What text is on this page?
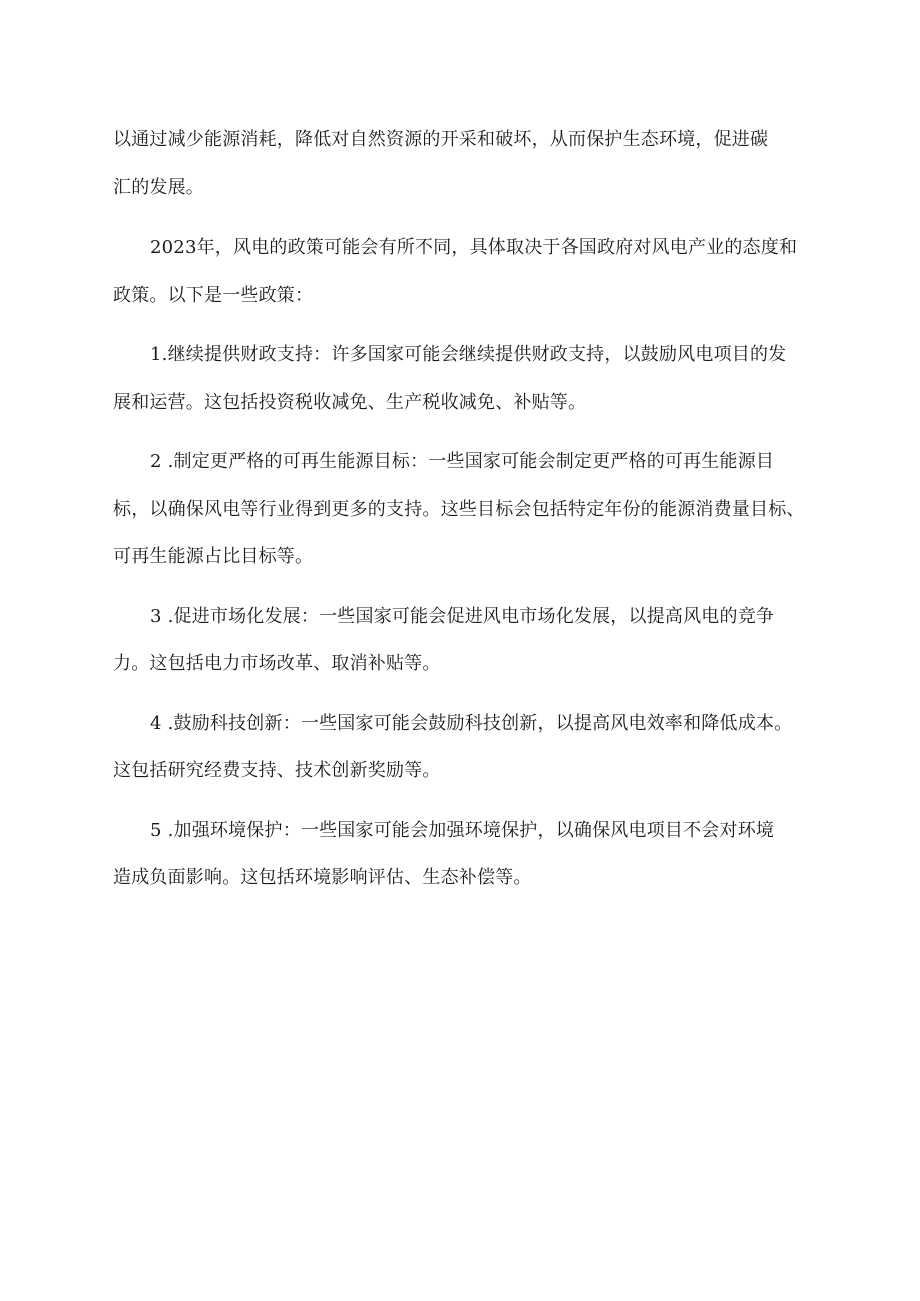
以通过减少能源消耗，降低对自然资源的开采和破坏，从而保护生态环境，促进碳
汇的发展。
2023年，风电的政策可能会有所不同，具体取决于各国政府对风电产业的态度和
政策。以下是一些政策：
1.继续提供财政支持：许多国家可能会继续提供财政支持，以鼓励风电项目的发
展和运营。这包括投资税收减免、生产税收减免、补贴等。
2 .制定更严格的可再生能源目标：一些国家可能会制定更严格的可再生能源目
标，以确保风电等行业得到更多的支持。这些目标会包括特定年份的能源消费量目标、
可再生能源占比目标等。
3 .促进市场化发展：一些国家可能会促进风电市场化发展，以提高风电的竞争
力。这包括电力市场改革、取消补贴等。
4 .鼓励科技创新：一些国家可能会鼓励科技创新，以提高风电效率和降低成本。
这包括研究经费支持、技术创新奖励等。
5 .加强环境保护：一些国家可能会加强环境保护，以确保风电项目不会对环境
造成负面影响。这包括环境影响评估、生态补偿等。
